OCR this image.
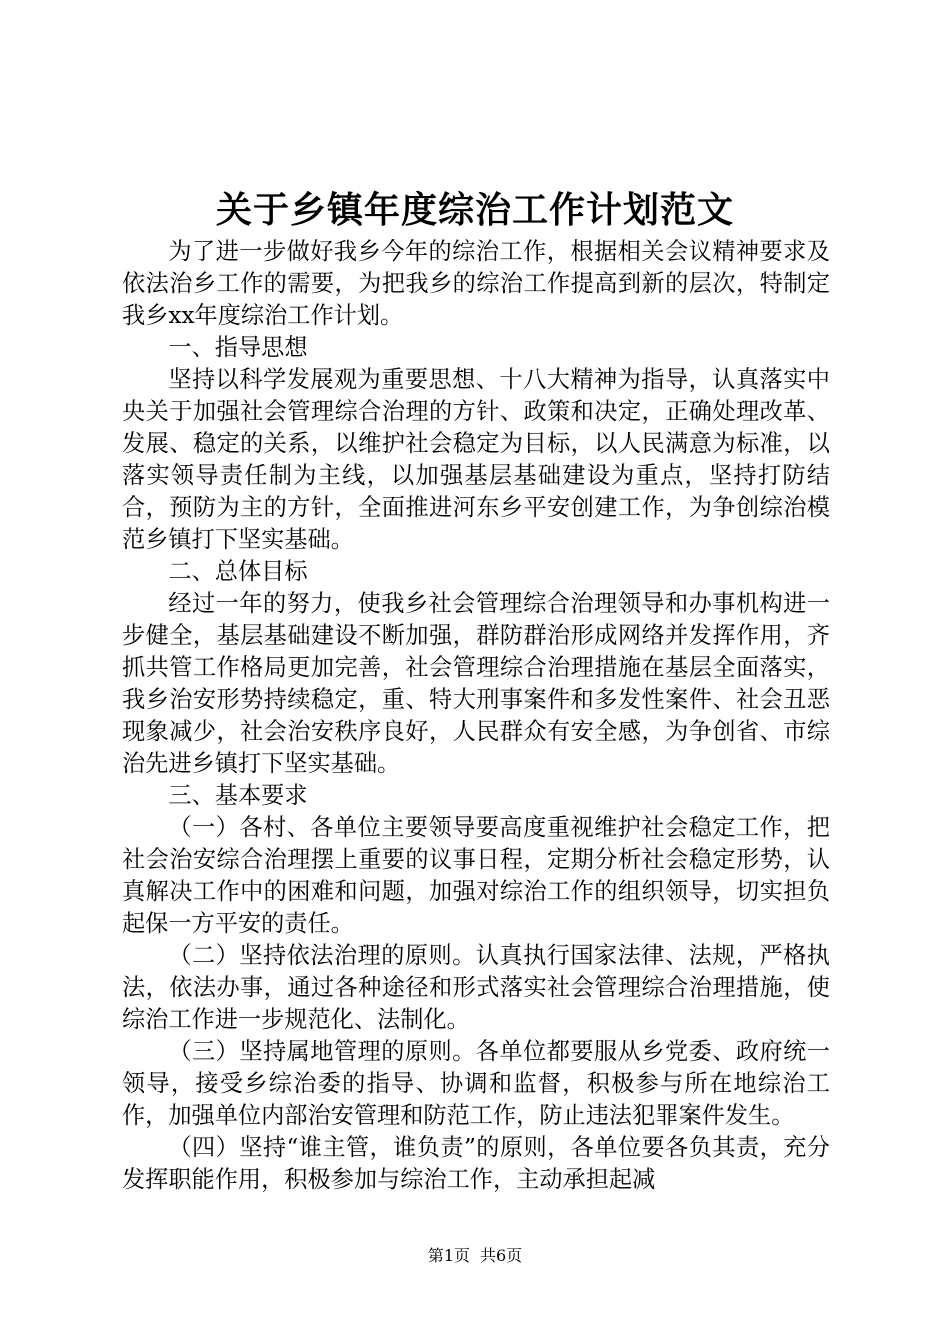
关于乡镇年度综治工作计划范文

为了进一步做好我乡今年的综治工作，根据相关会议精神要求及依法治乡工作的需要，为把我乡的综治工作提高到新的层次，特制定我乡xx年度综治工作计划。

一、指导思想

坚持以科学发展观为重要思想、十八大精神为指导，认真落实中央关于加强社会管理综合治理的方针、政策和决定，正确处理改革、发展、稳定的关系，以维护社会稳定为目标，以人民满意为标准，以落实领导责任制为主线，以加强基层基础建设为重点，坚持打防结合，预防为主的方针，全面推进河东乡平安创建工作，为争创综治模范乡镇打下坚实基础。

二、总体目标

经过一年的努力，使我乡社会管理综合治理领导和办事机构进一步健全，基层基础建设不断加强，群防群治形成网络并发挥作用，齐抓共管工作格局更加完善，社会管理综合治理措施在基层全面落实，我乡治安形势持续稳定，重、特大刑事案件和多发性案件、社会丑恶现象减少，社会治安秩序良好，人民群众有安全感，为争创省、市综治先进乡镇打下坚实基础。

三、基本要求

（一）各村、各单位主要领导要高度重视维护社会稳定工作，把社会治安综合治理摆上重要的议事日程，定期分析社会稳定形势，认真解决工作中的困难和问题，加强对综治工作的组织领导，切实担负起保一方平安的责任。

（二）坚持依法治理的原则。认真执行国家法律、法规，严格执法，依法办事，通过各种途径和形式落实社会管理综合治理措施，使综治工作进一步规范化、法制化。

（三）坚持属地管理的原则。各单位都要服从乡党委、政府统一领导，接受乡综治委的指导、协调和监督，积极参与所在地综治工作，加强单位内部治安管理和防范工作，防止违法犯罪案件发生。

（四）坚持“谁主管，谁负责”的原则，各单位要各负其责，充分发挥职能作用，积极参加与综治工作，主动承担起减

第1页 共6页
